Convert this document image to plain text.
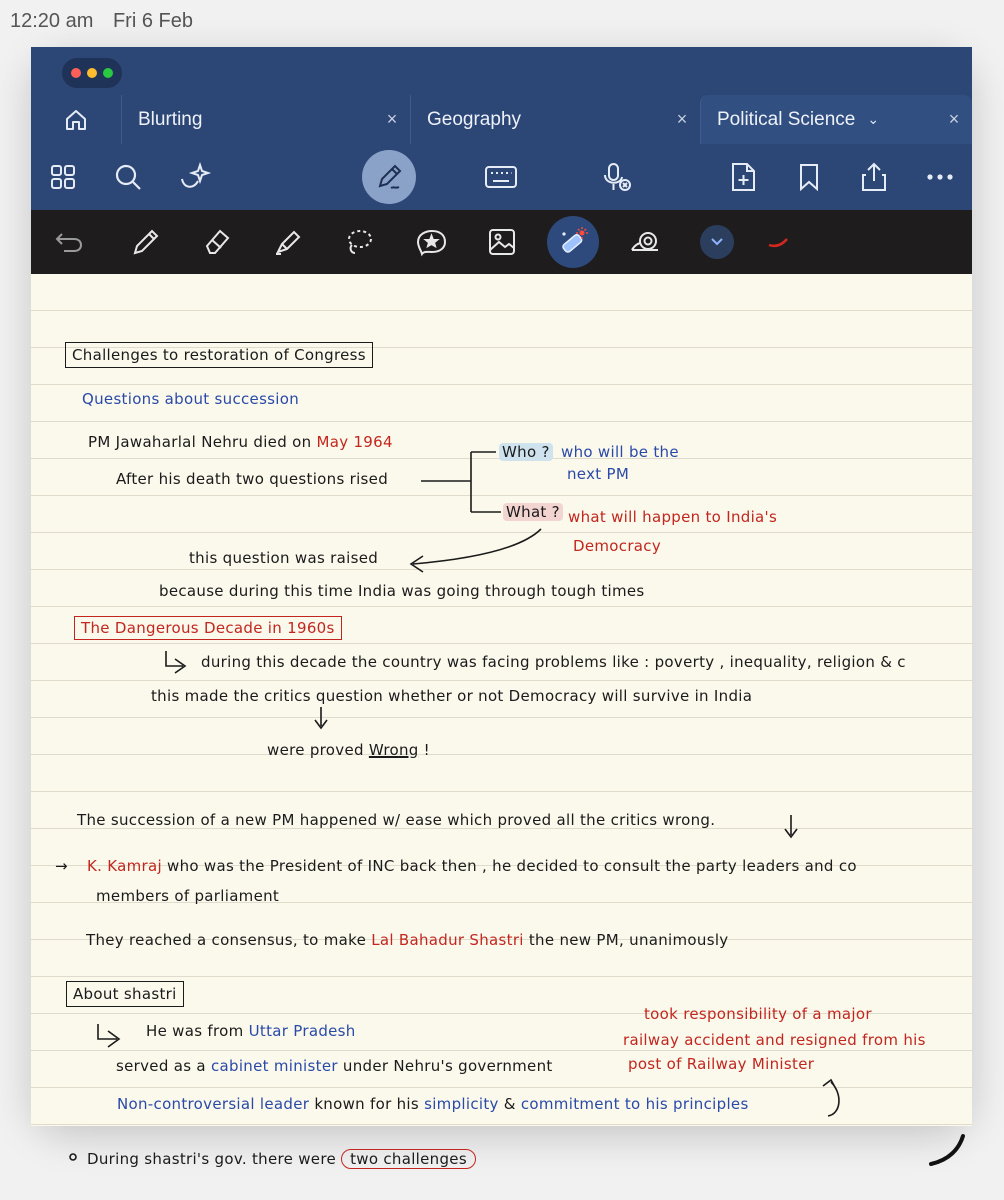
12:20 am Fri 6 Feb
Blurting	×	Geography	×	Political Science ⌄	×
Challenges to restoration of Congress
Questions about succession
PM Jawaharlal Nehru died on May 1964
After his death two questions rised
Who ? who will be the
next PM
What ? what will happen to India's
Democracy
this question was raised
because during this time India was going through tough times
The Dangerous Decade in 1960s
during this decade the country was facing problems like : poverty , inequality, religion & c
this made the critics question whether or not Democracy will survive in India
were proved Wrong !
The succession of a new PM happened w/ ease which proved all the critics wrong.
→ K. Kamraj who was the President of INC back then , he decided to consult the party leaders and co
members of parliament
They reached a consensus, to make Lal Bahadur Shastri the new PM, unanimously
About shastri
He was from Uttar Pradesh
served as a cabinet minister under Nehru's government
took responsibility of a major
railway accident and resigned from his
post of Railway Minister
Non-controversial leader known for his simplicity & commitment to his principles
During shastri's gov. there were two challenges
